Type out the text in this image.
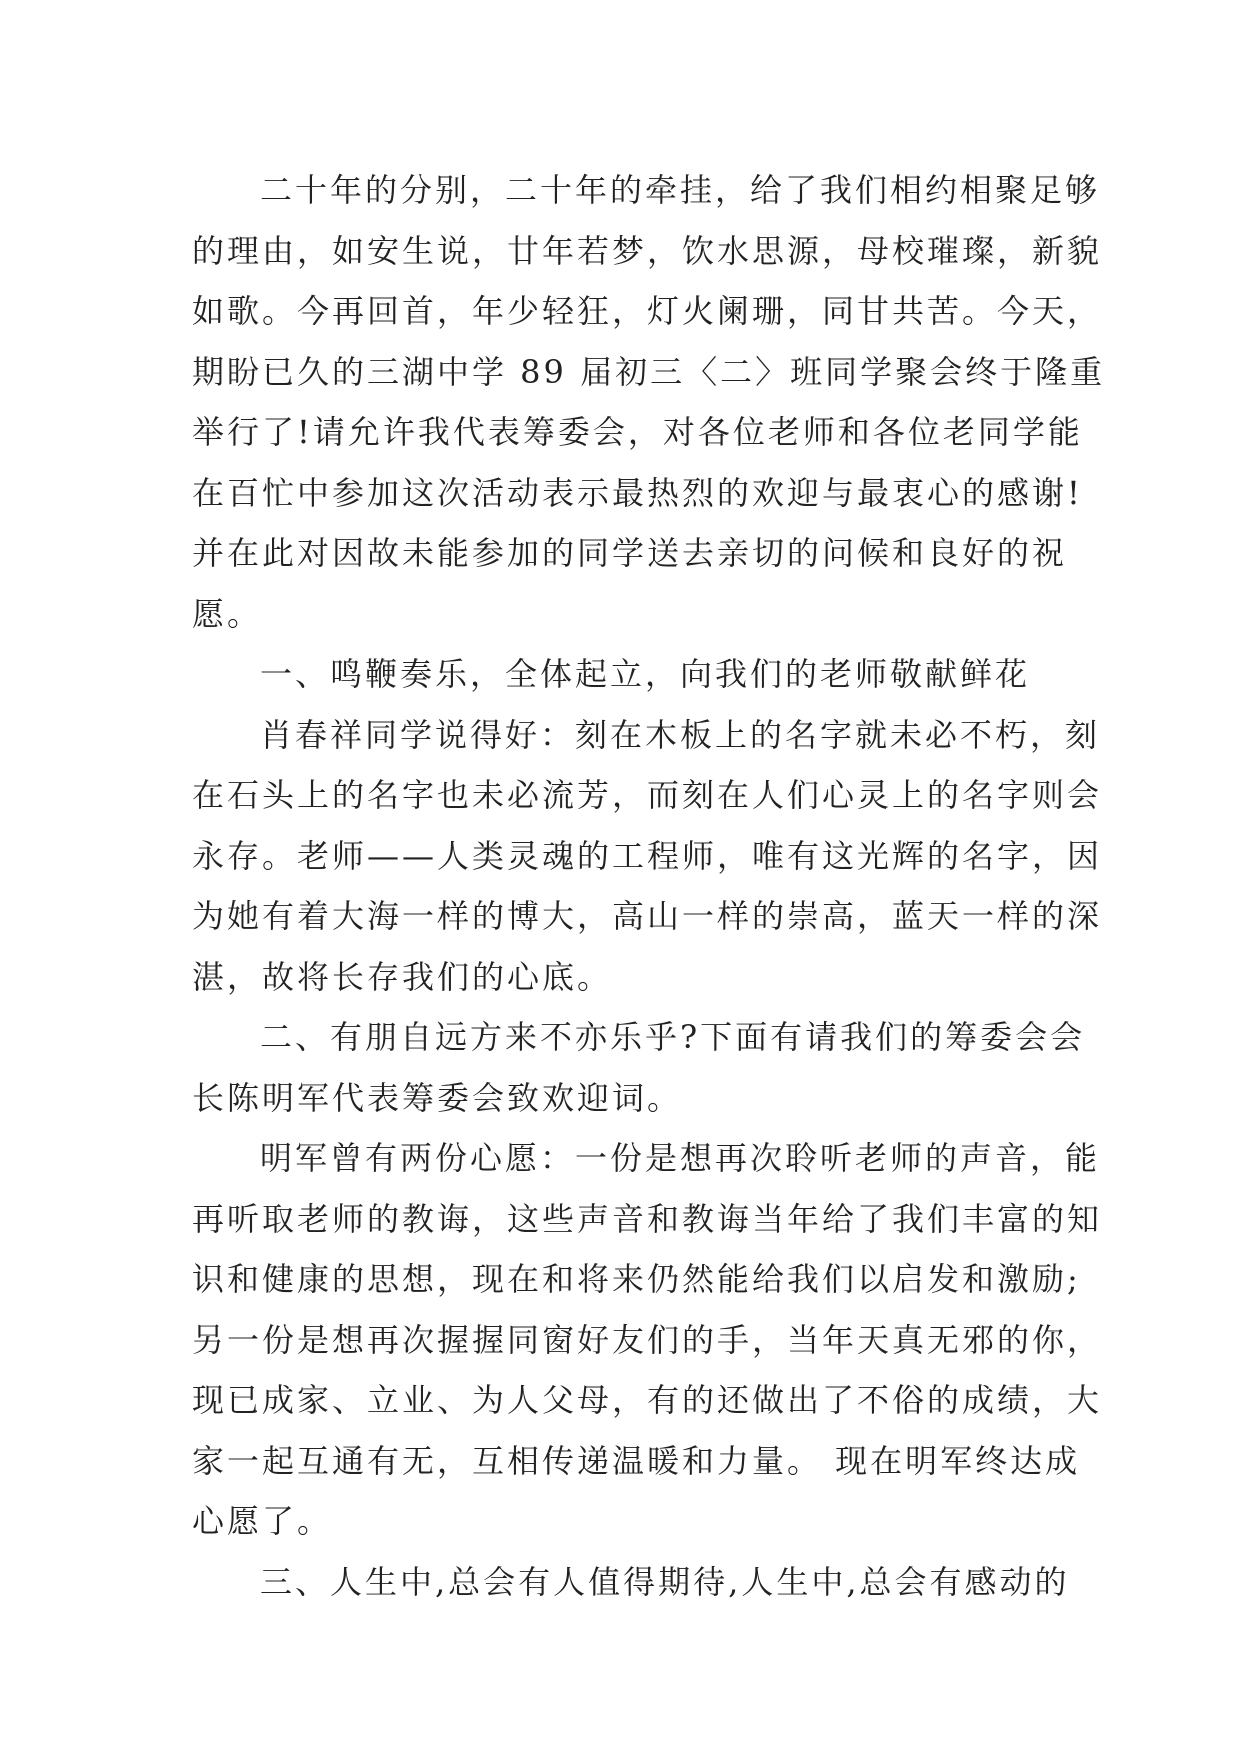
二十年的分别，二十年的牵挂，给了我们相约相聚足够
的理由，如安生说，廿年若梦，饮水思源，母校璀璨，新貌
如歌。今再回首，年少轻狂，灯火阑珊，同甘共苦。今天，
期盼已久的三湖中学 89 届初三〈二〉班同学聚会终于隆重
举行了!请允许我代表筹委会，对各位老师和各位老同学能
在百忙中参加这次活动表示最热烈的欢迎与最衷心的感谢!
并在此对因故未能参加的同学送去亲切的问候和良好的祝
愿。
一、鸣鞭奏乐，全体起立，向我们的老师敬献鲜花
肖春祥同学说得好：刻在木板上的名字就未必不朽，刻
在石头上的名字也未必流芳，而刻在人们心灵上的名字则会
永存。老师——人类灵魂的工程师，唯有这光辉的名字，因
为她有着大海一样的博大，高山一样的崇高，蓝天一样的深
湛，故将长存我们的心底。
二、有朋自远方来不亦乐乎?下面有请我们的筹委会会
长陈明军代表筹委会致欢迎词。
明军曾有两份心愿：一份是想再次聆听老师的声音，能
再听取老师的教诲，这些声音和教诲当年给了我们丰富的知
识和健康的思想，现在和将来仍然能给我们以启发和激励;
另一份是想再次握握同窗好友们的手，当年天真无邪的你，
现已成家、立业、为人父母，有的还做出了不俗的成绩，大
家一起互通有无，互相传递温暖和力量。 现在明军终达成
心愿了。
三、人生中,总会有人值得期待,人生中,总会有感动的
